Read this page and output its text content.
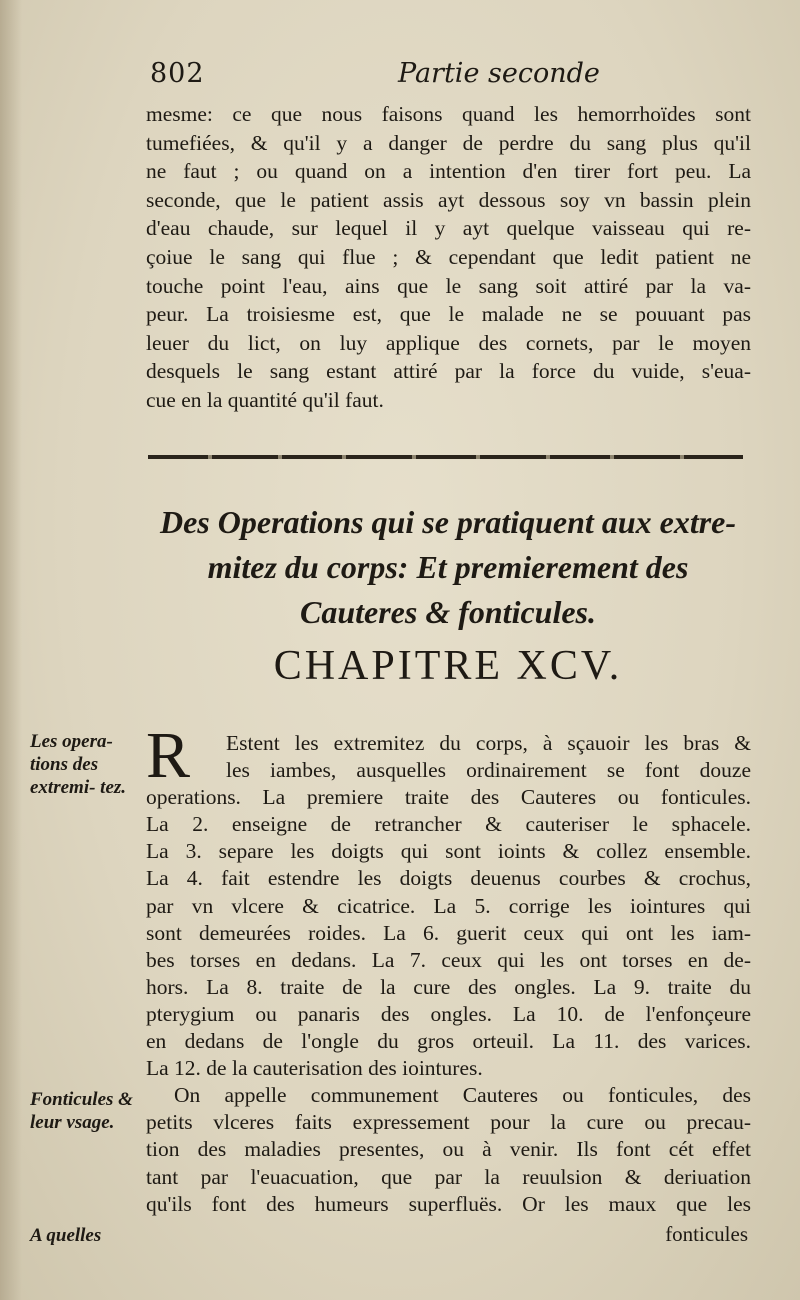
802	Partie seconde
mesme: ce que nous faisons quand les hemorrhoïdes sont
tumefiées, & qu'il y a danger de perdre du sang plus qu'il
ne faut ; ou quand on a intention d'en tirer fort peu. La
seconde, que le patient assis ayt dessous soy vn bassin plein
d'eau chaude, sur lequel il y ayt quelque vaisseau qui re-
çoiue le sang qui flue ; & cependant que ledit patient ne
touche point l'eau, ains que le sang soit attiré par la va-
peur. La troisiesme est, que le malade ne se pouuant pas
leuer du lict, on luy applique des cornets, par le moyen
desquels le sang estant attiré par la force du vuide, s'eua-
cue en la quantité qu'il faut.
Des Operations qui se pratiquent aux extre-
mitez du corps: Et premierement des
Cauteres & fonticules.
CHAPITRE XCV.
R	Estent les extremitez du corps, à sçauoir les bras &
les iambes, ausquelles ordinairement se font douze
operations. La premiere traite des Cauteres ou fonticules.
La 2. enseigne de retrancher & cauteriser le sphacele.
La 3. separe les doigts qui sont ioints & collez ensemble.
La 4. fait estendre les doigts deuenus courbes & crochus,
par vn vlcere & cicatrice. La 5. corrige les iointures qui
sont demeurées roides. La 6. guerit ceux qui ont les iam-
bes torses en dedans. La 7. ceux qui les ont torses en de-
hors. La 8. traite de la cure des ongles. La 9. traite du
pterygium ou panaris des ongles. La 10. de l'enfonçeure
en dedans de l'ongle du gros orteuil. La 11. des varices.
La 12. de la cauterisation des iointures.
On appelle communement Cauteres ou fonticules, des
petits vlceres faits expressement pour la cure ou precau-
tion des maladies presentes, ou à venir. Ils font cét effet
tant par l'euacuation, que par la reuulsion & deriuation
qu'ils font des humeurs superfluës. Or les maux que les
Les opera- tions des extremi- tez.
Fonticules & leur vsage.
A quelles	fonticules
